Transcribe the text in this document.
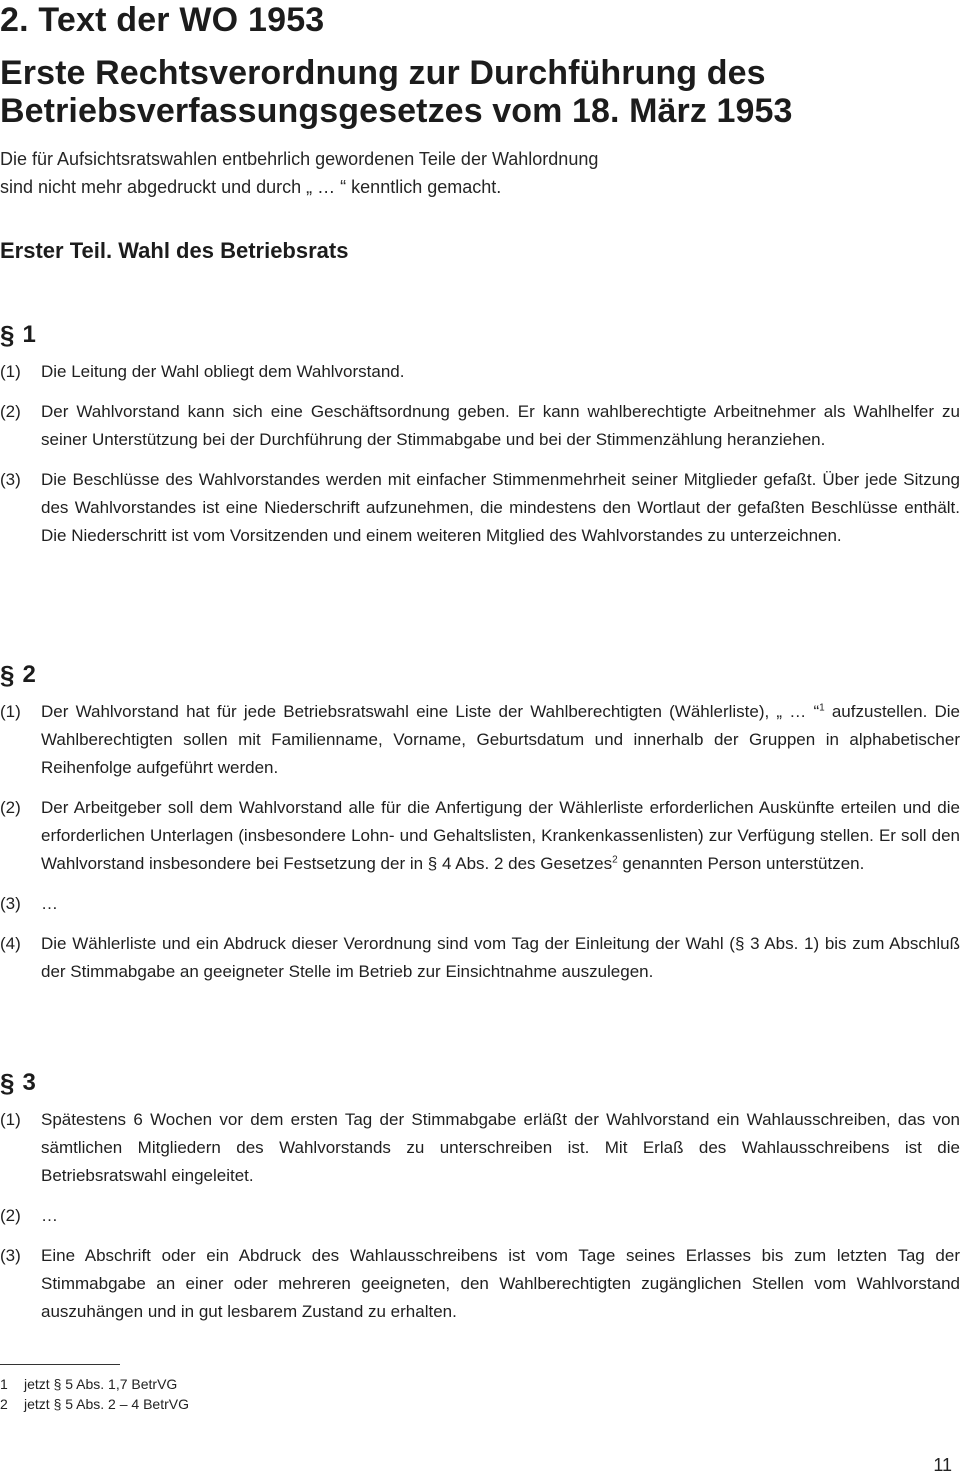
2. Text der WO 1953
Erste Rechtsverordnung zur Durchführung des
Betriebsverfassungsgesetzes vom 18. März 1953

Die für Aufsichtsratswahlen entbehrlich gewordenen Teile der Wahlordnung
sind nicht mehr abgedruckt und durch „ … “ kenntlich gemacht.

Erster Teil. Wahl des Betriebsrats
§ 1
(1)	Die Leitung der Wahl obliegt dem Wahlvorstand.
(2)	Der Wahlvorstand kann sich eine Geschäftsordnung geben. Er kann wahlberechtigte Arbeitnehmer als Wahlhelfer zu seiner Unterstützung bei der Durchführung der Stimmabgabe und bei der Stimmenzählung heranziehen.
(3)	Die Beschlüsse des Wahlvorstandes werden mit einfacher Stimmenmehrheit seiner Mitglieder gefaßt. Über jede Sitzung des Wahlvorstandes ist eine Niederschrift aufzunehmen, die mindestens den Wortlaut der gefaßten Beschlüsse enthält. Die Niederschritt ist vom Vorsitzenden und einem weiteren Mitglied des Wahlvorstandes zu unterzeichnen.
§ 2
(1)	Der Wahlvorstand hat für jede Betriebsratswahl eine Liste der Wahlberechtigten (Wählerliste), „ … “$^1$ aufzustellen. Die Wahlberechtigten sollen mit Familienname, Vorname, Geburtsdatum und innerhalb der Gruppen in alphabetischer Reihenfolge aufgeführt werden.
(2)	Der Arbeitgeber soll dem Wahlvorstand alle für die Anfertigung der Wählerliste erforderlichen Auskünfte erteilen und die erforderlichen Unterlagen (insbesondere Lohn- und Gehaltslisten, Krankenkassenlisten) zur Verfügung stellen. Er soll den Wahlvorstand insbesondere bei Festsetzung der in § 4 Abs. 2 des Gesetzes$^2$ genannten Person unterstützen.
(3)	…
(4)	Die Wählerliste und ein Abdruck dieser Verordnung sind vom Tag der Einleitung der Wahl (§ 3 Abs. 1) bis zum Abschluß der Stimmabgabe an geeigneter Stelle im Betrieb zur Einsichtnahme auszulegen.
§ 3
(1)	Spätestens 6 Wochen vor dem ersten Tag der Stimmabgabe erläßt der Wahlvorstand ein Wahlausschreiben, das von sämtlichen Mitgliedern des Wahlvorstands zu unterschreiben ist. Mit Erlaß des Wahlausschreibens ist die Betriebsratswahl eingeleitet.
(2)	…
(3)	Eine Abschrift oder ein Abdruck des Wahlausschreibens ist vom Tage seines Erlasses bis zum letzten Tag der Stimmabgabe an einer oder mehreren geeigneten, den Wahlberechtigten zugänglichen Stellen vom Wahlvorstand auszuhängen und in gut lesbarem Zustand zu erhalten.
1	jetzt § 5 Abs. 1,7 BetrVG
2	jetzt § 5 Abs. 2 – 4 BetrVG
11
